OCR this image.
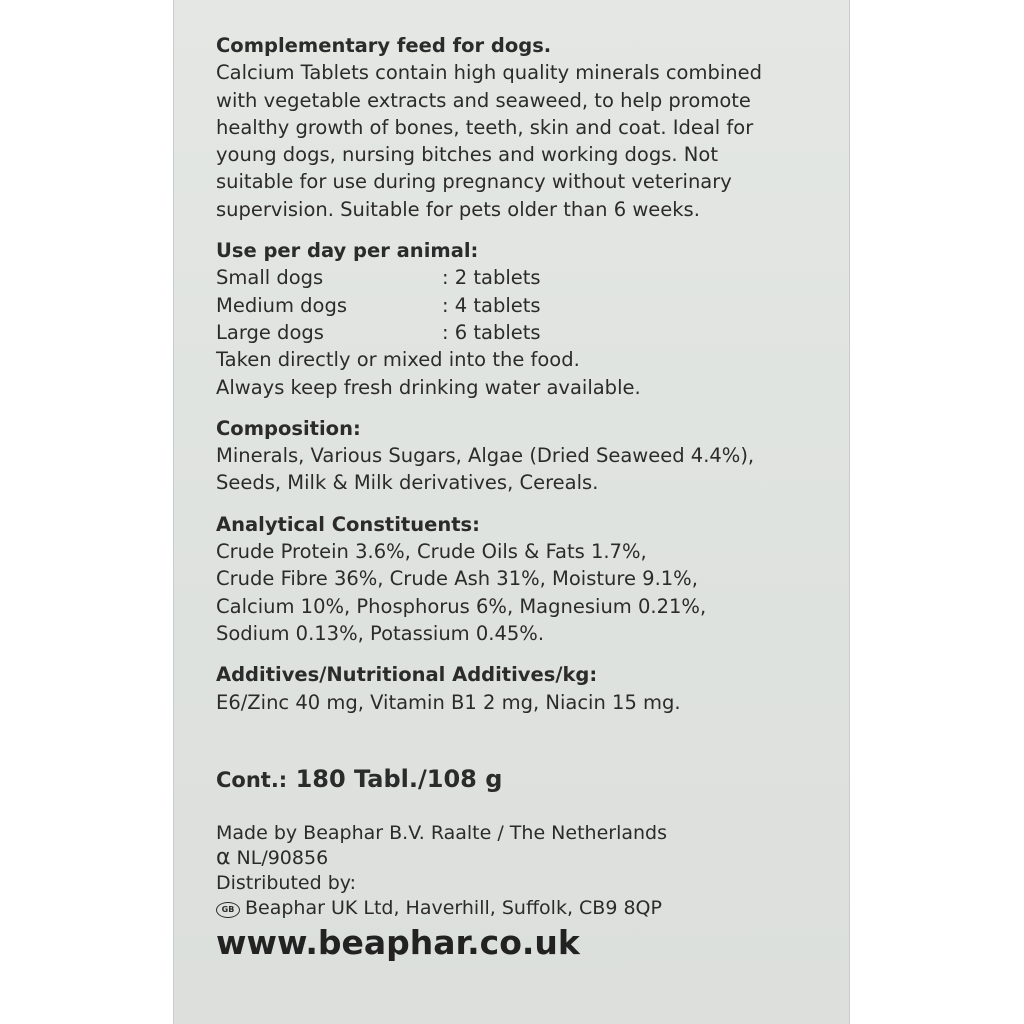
Complementary feed for dogs.

Calcium Tablets contain high quality minerals combined

with vegetable extracts and seaweed, to help promote

healthy growth of bones, teeth, skin and coat. Ideal for

young dogs, nursing bitches and working dogs. Not

suitable for use during pregnancy without veterinary

supervision. Suitable for pets older than 6 weeks.

Use per day per animal:
Small dogs	: 2 tablets
Medium dogs	: 4 tablets
Large dogs	: 6 tablets

Taken directly or mixed into the food.

Always keep fresh drinking water available.

Composition:

Minerals, Various Sugars, Algae (Dried Seaweed 4.4%),

Seeds, Milk & Milk derivatives, Cereals.

Analytical Constituents:

Crude Protein 3.6%, Crude Oils & Fats 1.7%,

Crude Fibre 36%, Crude Ash 31%, Moisture 9.1%,

Calcium 10%, Phosphorus 6%, Magnesium 0.21%,

Sodium 0.13%, Potassium 0.45%.

Additives/Nutritional Additives/kg:

E6/Zinc 40 mg, Vitamin B1 2 mg, Niacin 15 mg.

Cont.: 180 Tabl./108 g
Made by Beaphar B.V. Raalte / The Netherlands
α NL/90856
Distributed by:
GB Beaphar UK Ltd, Haverhill, Suffolk, CB9 8QP
www.beaphar.co.uk
